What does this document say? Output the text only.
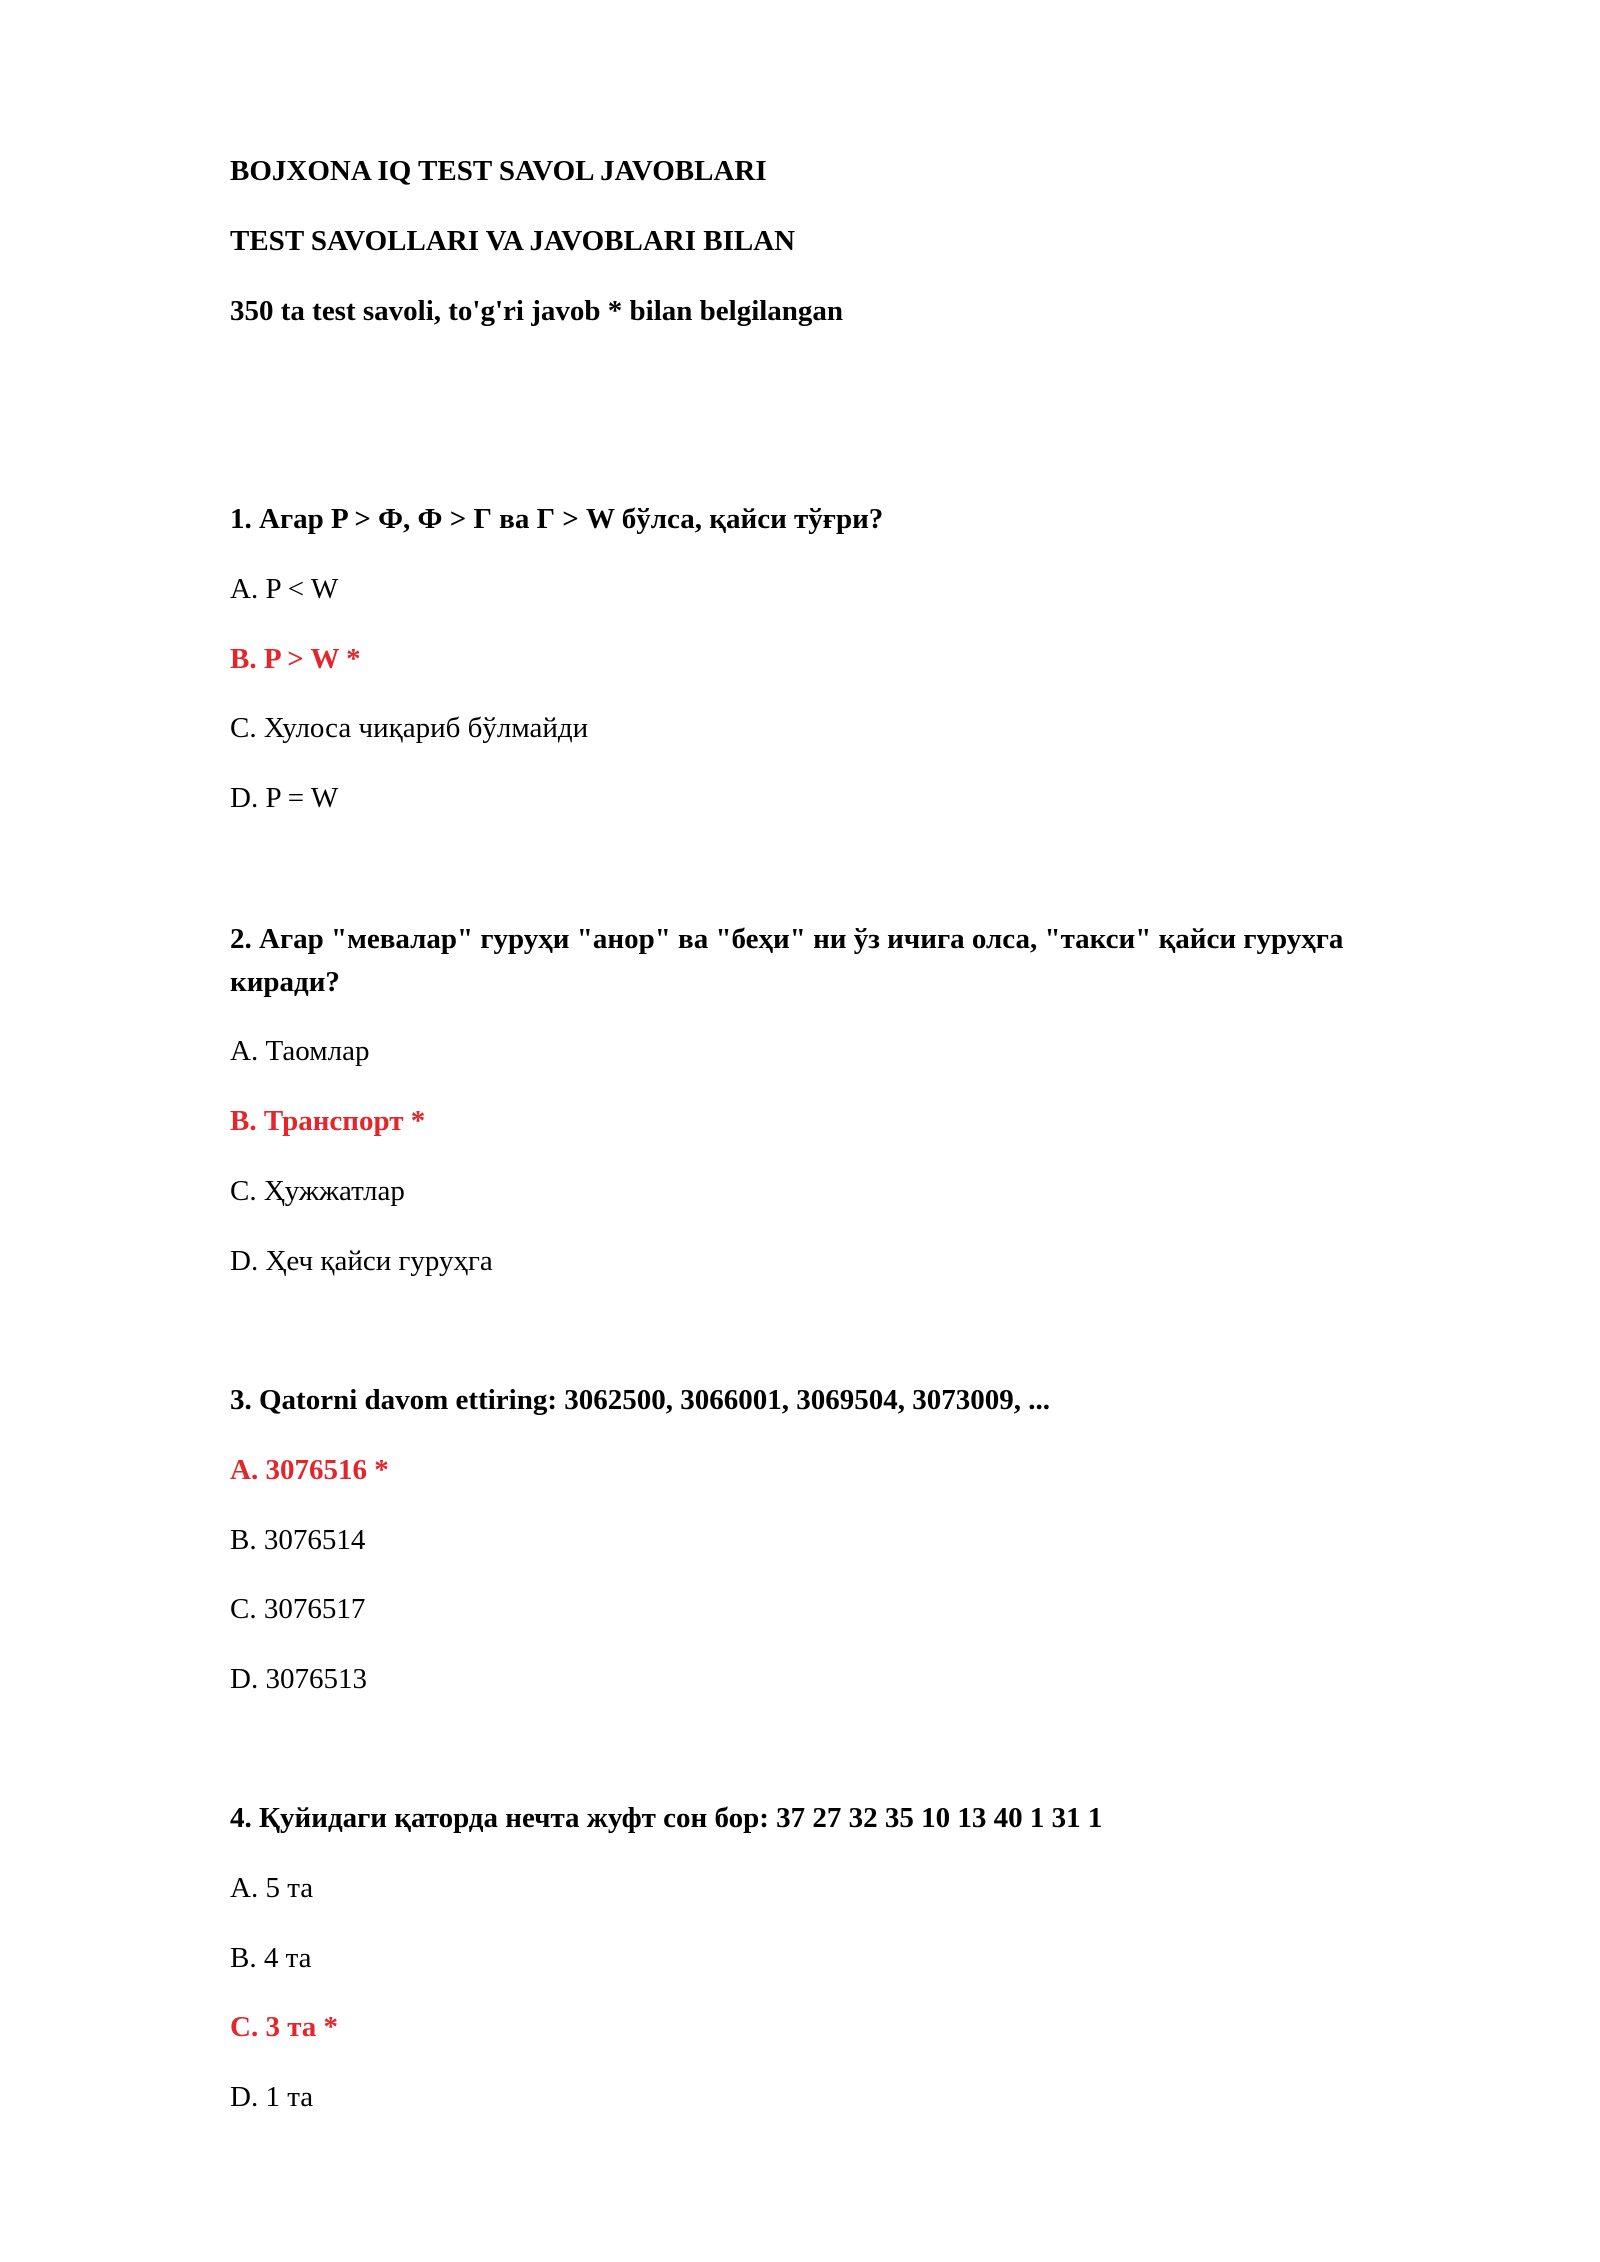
BOJXONA IQ TEST SAVOL JAVOBLARI
TEST SAVOLLARI VA JAVOBLARI BILAN
350 ta test savoli, to'g'ri javob * bilan belgilangan
1. Агар P > Ф, Ф > Г ва Г > W бўлса, қайси тўғри?
A. P < W
B. P > W *
C. Хулоса чиқариб бўлмайди
D. P = W
2. Агар "мевалар" гуруҳи "анор" ва "беҳи" ни ўз ичига олса, "такси" қайси гуруҳга
киради?
A. Таомлар
B. Транспорт *
C. Ҳужжатлар
D. Ҳеч қайси гуруҳга
3. Qatorni davom ettiring: 3062500, 3066001, 3069504, 3073009, ...
A. 3076516 *
B. 3076514
C. 3076517
D. 3076513
4. Қуйидаги қаторда нечта жуфт сон бор: 37 27 32 35 10 13 40 1 31 1
A. 5 та
B. 4 та
C. 3 та *
D. 1 та
